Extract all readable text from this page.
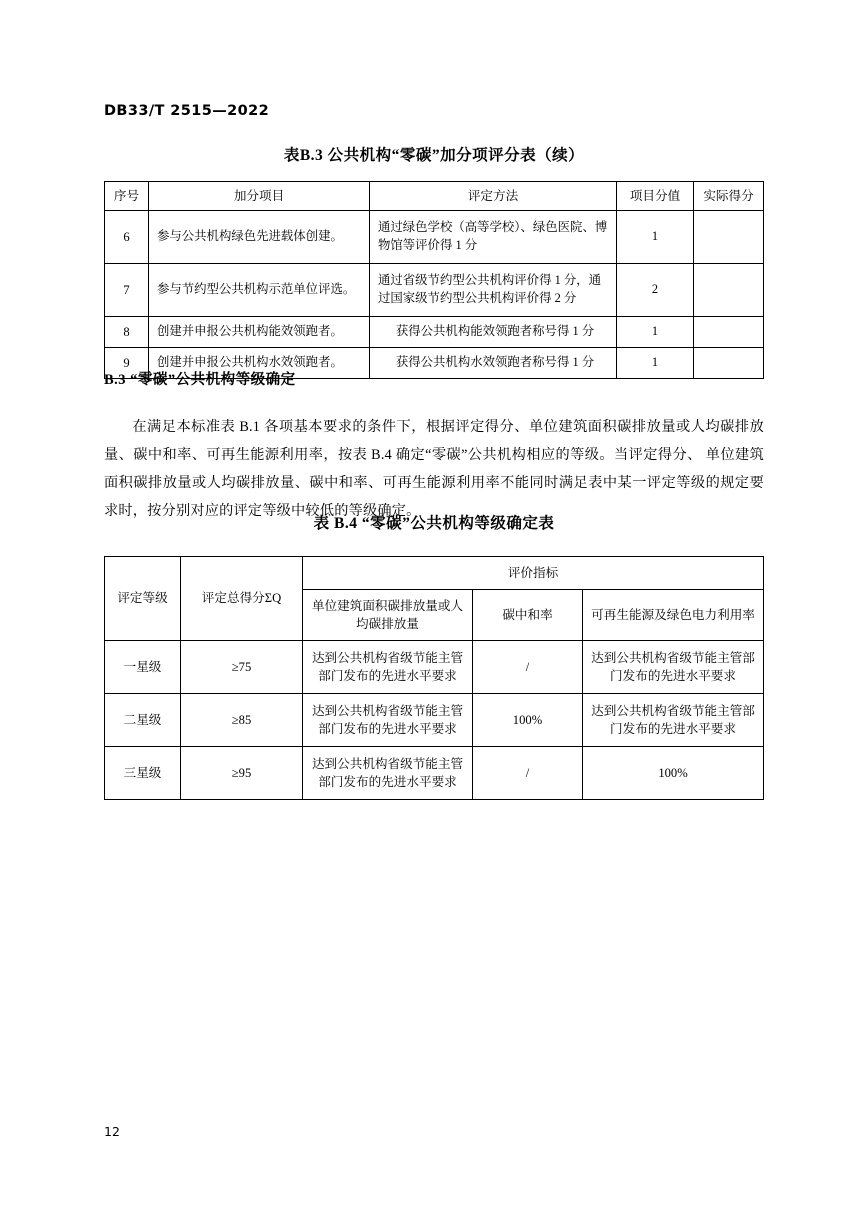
DB33/T 2515—2022
表B.3 公共机构“零碳”加分项评分表（续）
序号	加分项目	评定方法	项目分值	实际得分
6	参与公共机构绿色先进载体创建。	通过绿色学校（高等学校）、绿色医院、博物馆等评价得 1 分	1	
7	参与节约型公共机构示范单位评选。	通过省级节约型公共机构评价得 1 分，通过国家级节约型公共机构评价得 2 分	2	
8	创建并申报公共机构能效领跑者。	获得公共机构能效领跑者称号得 1 分	1	
9	创建并申报公共机构水效领跑者。	获得公共机构水效领跑者称号得 1 分	1	
B.3 “零碳”公共机构等级确定
在满足本标准表 B.1 各项基本要求的条件下，根据评定得分、单位建筑面积碳排放量或人均碳排放量、碳中和率、可再生能源利用率，按表 B.4 确定“零碳”公共机构相应的等级。当评定得分、 单位建筑面积碳排放量或人均碳排放量、碳中和率、可再生能源利用率不能同时满足表中某一评定等级的规定要求时，按分别对应的评定等级中较低的等级确定。
表 B.4 “零碳”公共机构等级确定表
评定等级	评定总得分ΣQ	评价指标		
		单位建筑面积碳排放量或人均碳排放量	碳中和率	可再生能源及绿色电力利用率
一星级	≥75	达到公共机构省级节能主管部门发布的先进水平要求	/	达到公共机构省级节能主管部门发布的先进水平要求
二星级	≥85	达到公共机构省级节能主管部门发布的先进水平要求	100%	达到公共机构省级节能主管部门发布的先进水平要求
三星级	≥95	达到公共机构省级节能主管部门发布的先进水平要求	/	100%
12
